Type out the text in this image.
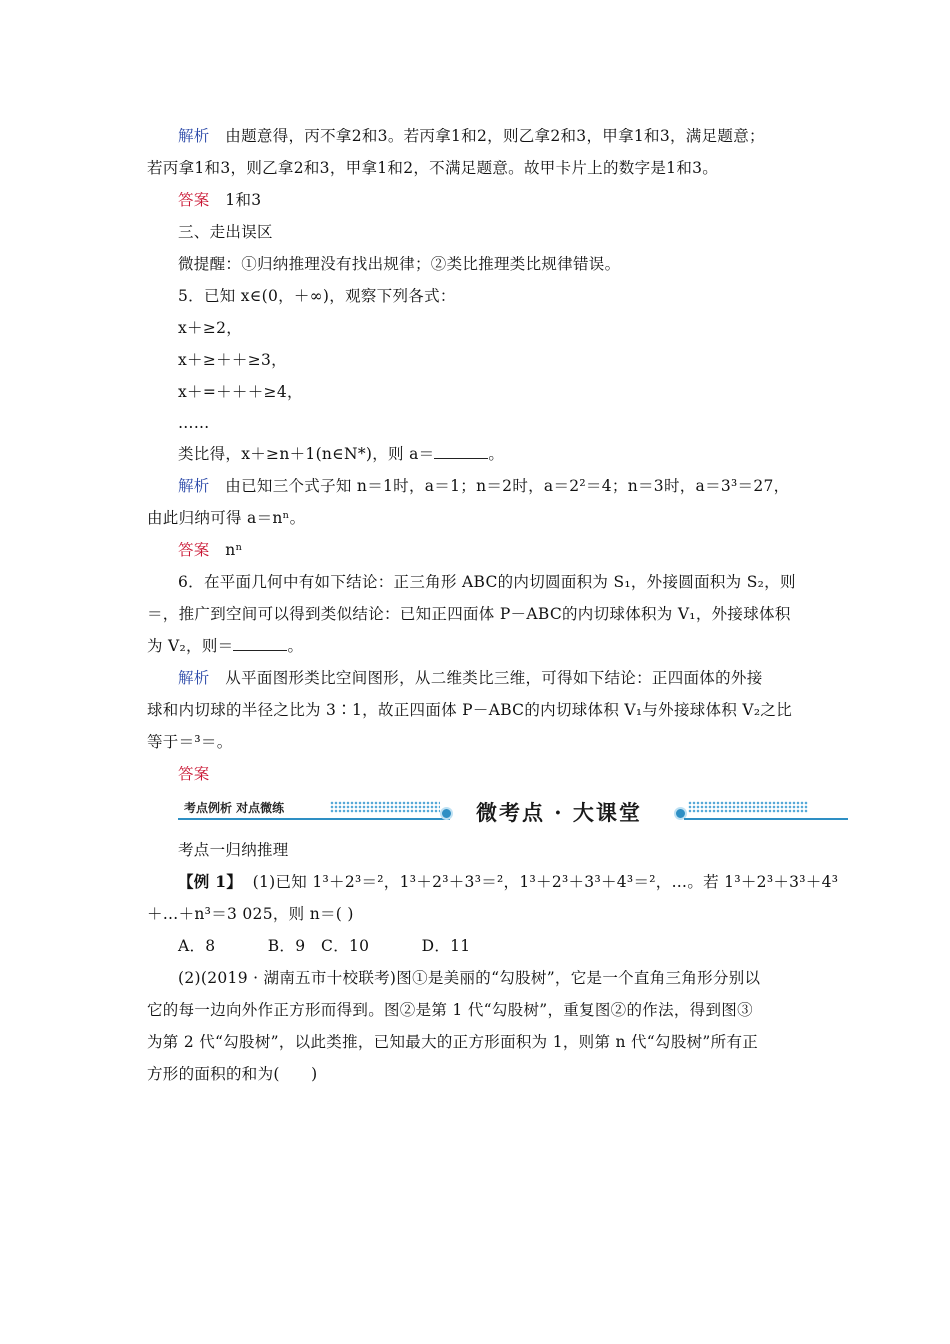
解析 由题意得，丙不拿2和3。若丙拿1和2，则乙拿2和3，甲拿1和3，满足题意；
若丙拿1和3，则乙拿2和3，甲拿1和2，不满足题意。故甲卡片上的数字是1和3。
答案 1和3
三、走出误区
微提醒：①归纳推理没有找出规律；②类比推理类比规律错误。
5．已知 x∈(0，＋∞)，观察下列各式：
x＋≥2，
x＋≥＋＋≥3，
x＋=＋＋＋≥4，
……
类比得，x＋≥n＋1(n∈N*)，则 a＝	。
解析 由已知三个式子知 n＝1时，a＝1；n＝2时，a＝2²＝4；n＝3时，a＝3³＝27，
由此归纳可得 a＝nⁿ。
答案 nⁿ
6．在平面几何中有如下结论：正三角形 ABC的内切圆面积为 S₁，外接圆面积为 S₂，则
＝，推广到空间可以得到类似结论：已知正四面体 P－ABC的内切球体积为 V₁，外接球体积
为 V₂，则＝	。
解析 从平面图形类比空间图形，从二维类比三维，可得如下结论：正四面体的外接
球和内切球的半径之比为 3∶1，故正四面体 P－ABC的内切球体积 V₁与外接球体积 V₂之比
等于＝³＝。
答案
考点例析 对点微练	微考点 · 大课堂
考点一归纳推理
【例 1】 (1)已知 1³＋2³＝²，1³＋2³＋3³＝²，1³＋2³＋3³＋4³＝²，…。若 1³＋2³＋3³＋4³
＋…＋n³＝3 025，则 n＝( )
A．8          B．9   C．10          D．11
(2)(2019 · 湖南五市十校联考)图①是美丽的“勾股树”，它是一个直角三角形分别以
它的每一边向外作正方形而得到。图②是第 1 代“勾股树”，重复图②的作法，得到图③
为第 2 代“勾股树”，以此类推，已知最大的正方形面积为 1，则第 n 代“勾股树”所有正
方形的面积的和为(      )
